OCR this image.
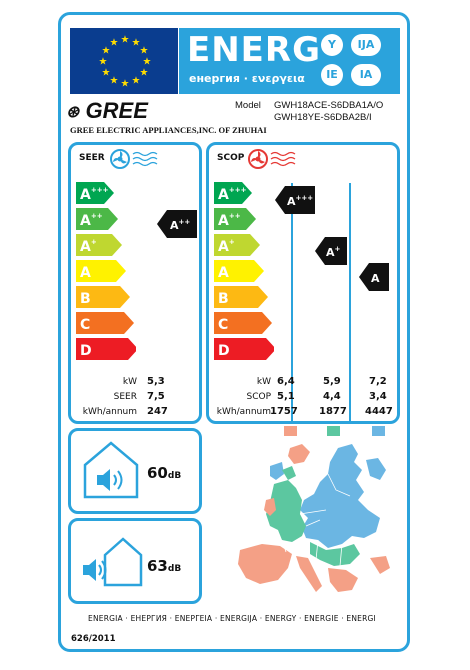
★ ★
★
★
★
★
★
★
★
★
★
★ ENERG
енергия · ενεργεια
Y	IJA
IE	IA
⊛ GREE
GREE ELECTRIC APPLIANCES,INC. OF ZHUHAI
Model GWH18ACE-S6DBA1A/O
GWH18YE-S6DBA2B/I
SEER
A+++
A++
A+
A
B
C
D
A++
kW
SEER
kWh/annum
5,3
7,5
247
SCOP
A+++
A++
A+
A
B
C
D
A+++
A+
A
kW
SCOP
kWh/annum
6,4
5,1
1757
5,9
4,4
1877
7,2
3,4
4447
60dB
63dB
ENERGIA · ЕНЕРГИЯ · ΕΝΕΡΓΕΙΑ · ENERGIJA · ENERGY · ENERGIE · ENERGI
626/2011
